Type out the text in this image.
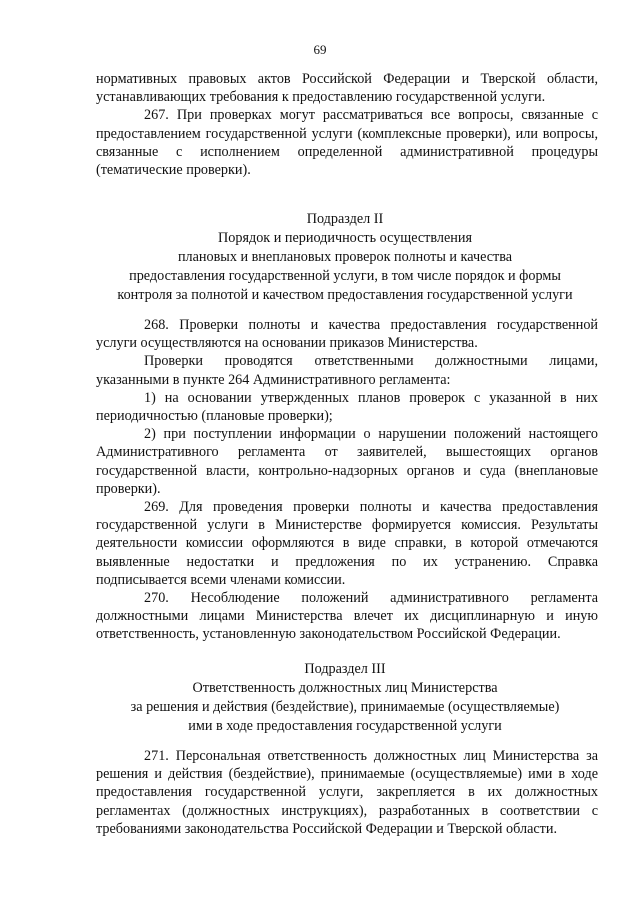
69

нормативных правовых актов Российской Федерации и Тверской области, устанавливающих требования к предоставлению государственной услуги.

267. При проверках могут рассматриваться все вопросы, связанные с предоставлением государственной услуги (комплексные проверки), или вопросы, связанные с исполнением определенной административной процедуры (тематические проверки).

Подраздел II

Порядок и периодичность осуществления

плановых и внеплановых проверок полноты и качества

предоставления государственной услуги, в том числе порядок и формы

контроля за полнотой и качеством предоставления государственной услуги

268. Проверки полноты и качества предоставления государственной услуги осуществляются на основании приказов Министерства.

Проверки проводятся ответственными должностными лицами, указанными в пункте 264 Административного регламента:

1) на основании утвержденных планов проверок с указанной в них периодичностью (плановые проверки);

2) при поступлении информации о нарушении положений настоящего Административного регламента от заявителей, вышестоящих органов государственной власти, контрольно-надзорных органов и суда (внеплановые проверки).

269. Для проведения проверки полноты и качества предоставления государственной услуги в Министерстве формируется комиссия. Результаты деятельности комиссии оформляются в виде справки, в которой отмечаются выявленные недостатки и предложения по их устранению. Справка подписывается всеми членами комиссии.

270. Несоблюдение положений административного регламента должностными лицами Министерства влечет их дисциплинарную и иную ответственность, установленную законодательством Российской Федерации.

Подраздел III

Ответственность должностных лиц Министерства

за решения и действия (бездействие), принимаемые (осуществляемые)

ими в ходе предоставления государственной услуги

271. Персональная ответственность должностных лиц Министерства за решения и действия (бездействие), принимаемые (осуществляемые) ими в ходе предоставления государственной услуги, закрепляется в их должностных регламентах (должностных инструкциях), разработанных в соответствии с требованиями законодательства Российской Федерации и Тверской области.
